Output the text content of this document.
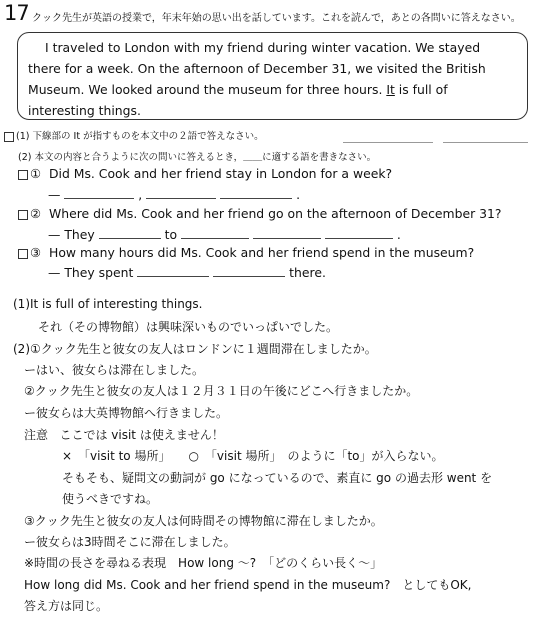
17 クック先生が英語の授業で，年末年始の思い出を話しています。これを読んで，あとの各問いに答えなさい。
I traveled to London with my friend during winter vacation. We stayed
there for a week. On the afternoon of December 31, we visited the British
Museum. We looked around the museum for three hours. It is full of
interesting things.
(1) 下線部の It が指すものを本文中の２語で答えなさい。
(2) 本文の内容と合うように次の問いに答えるとき，＿＿に適する語を書きなさい。
① Did Ms. Cook and her friend stay in London for a week?
—	,	.
② Where did Ms. Cook and her friend go on the afternoon of December 31?
— They	to	.
③ How many hours did Ms. Cook and her friend spend in the museum?
— They spent	there.
(1)It is full of interesting things.
それ（その博物館）は興味深いものでいっぱいでした。
(2)①クック先生と彼女の友人はロンドンに１週間滞在しましたか。
ーはい、彼女らは滞在しました。
②クック先生と彼女の友人は１２月３１日の午後にどこへ行きましたか。
ー彼女らは大英博物館へ行きました。
注意 ここでは visit は使えません！
×　「visit to 場所」　　○　「visit 場所」　のように「to」が入らない。
そもそも、疑問文の動詞が go になっているので、素直に go の過去形 went を
使うべきですね。
③クック先生と彼女の友人は何時間その博物館に滞在しましたか。
ー彼女らは3時間そこに滞在しました。
※時間の長さを尋ねる表現　How long ～?　「どのくらい長く～」
How long did Ms. Cook and her friend spend in the museum?　としてもOK,
答え方は同じ。
